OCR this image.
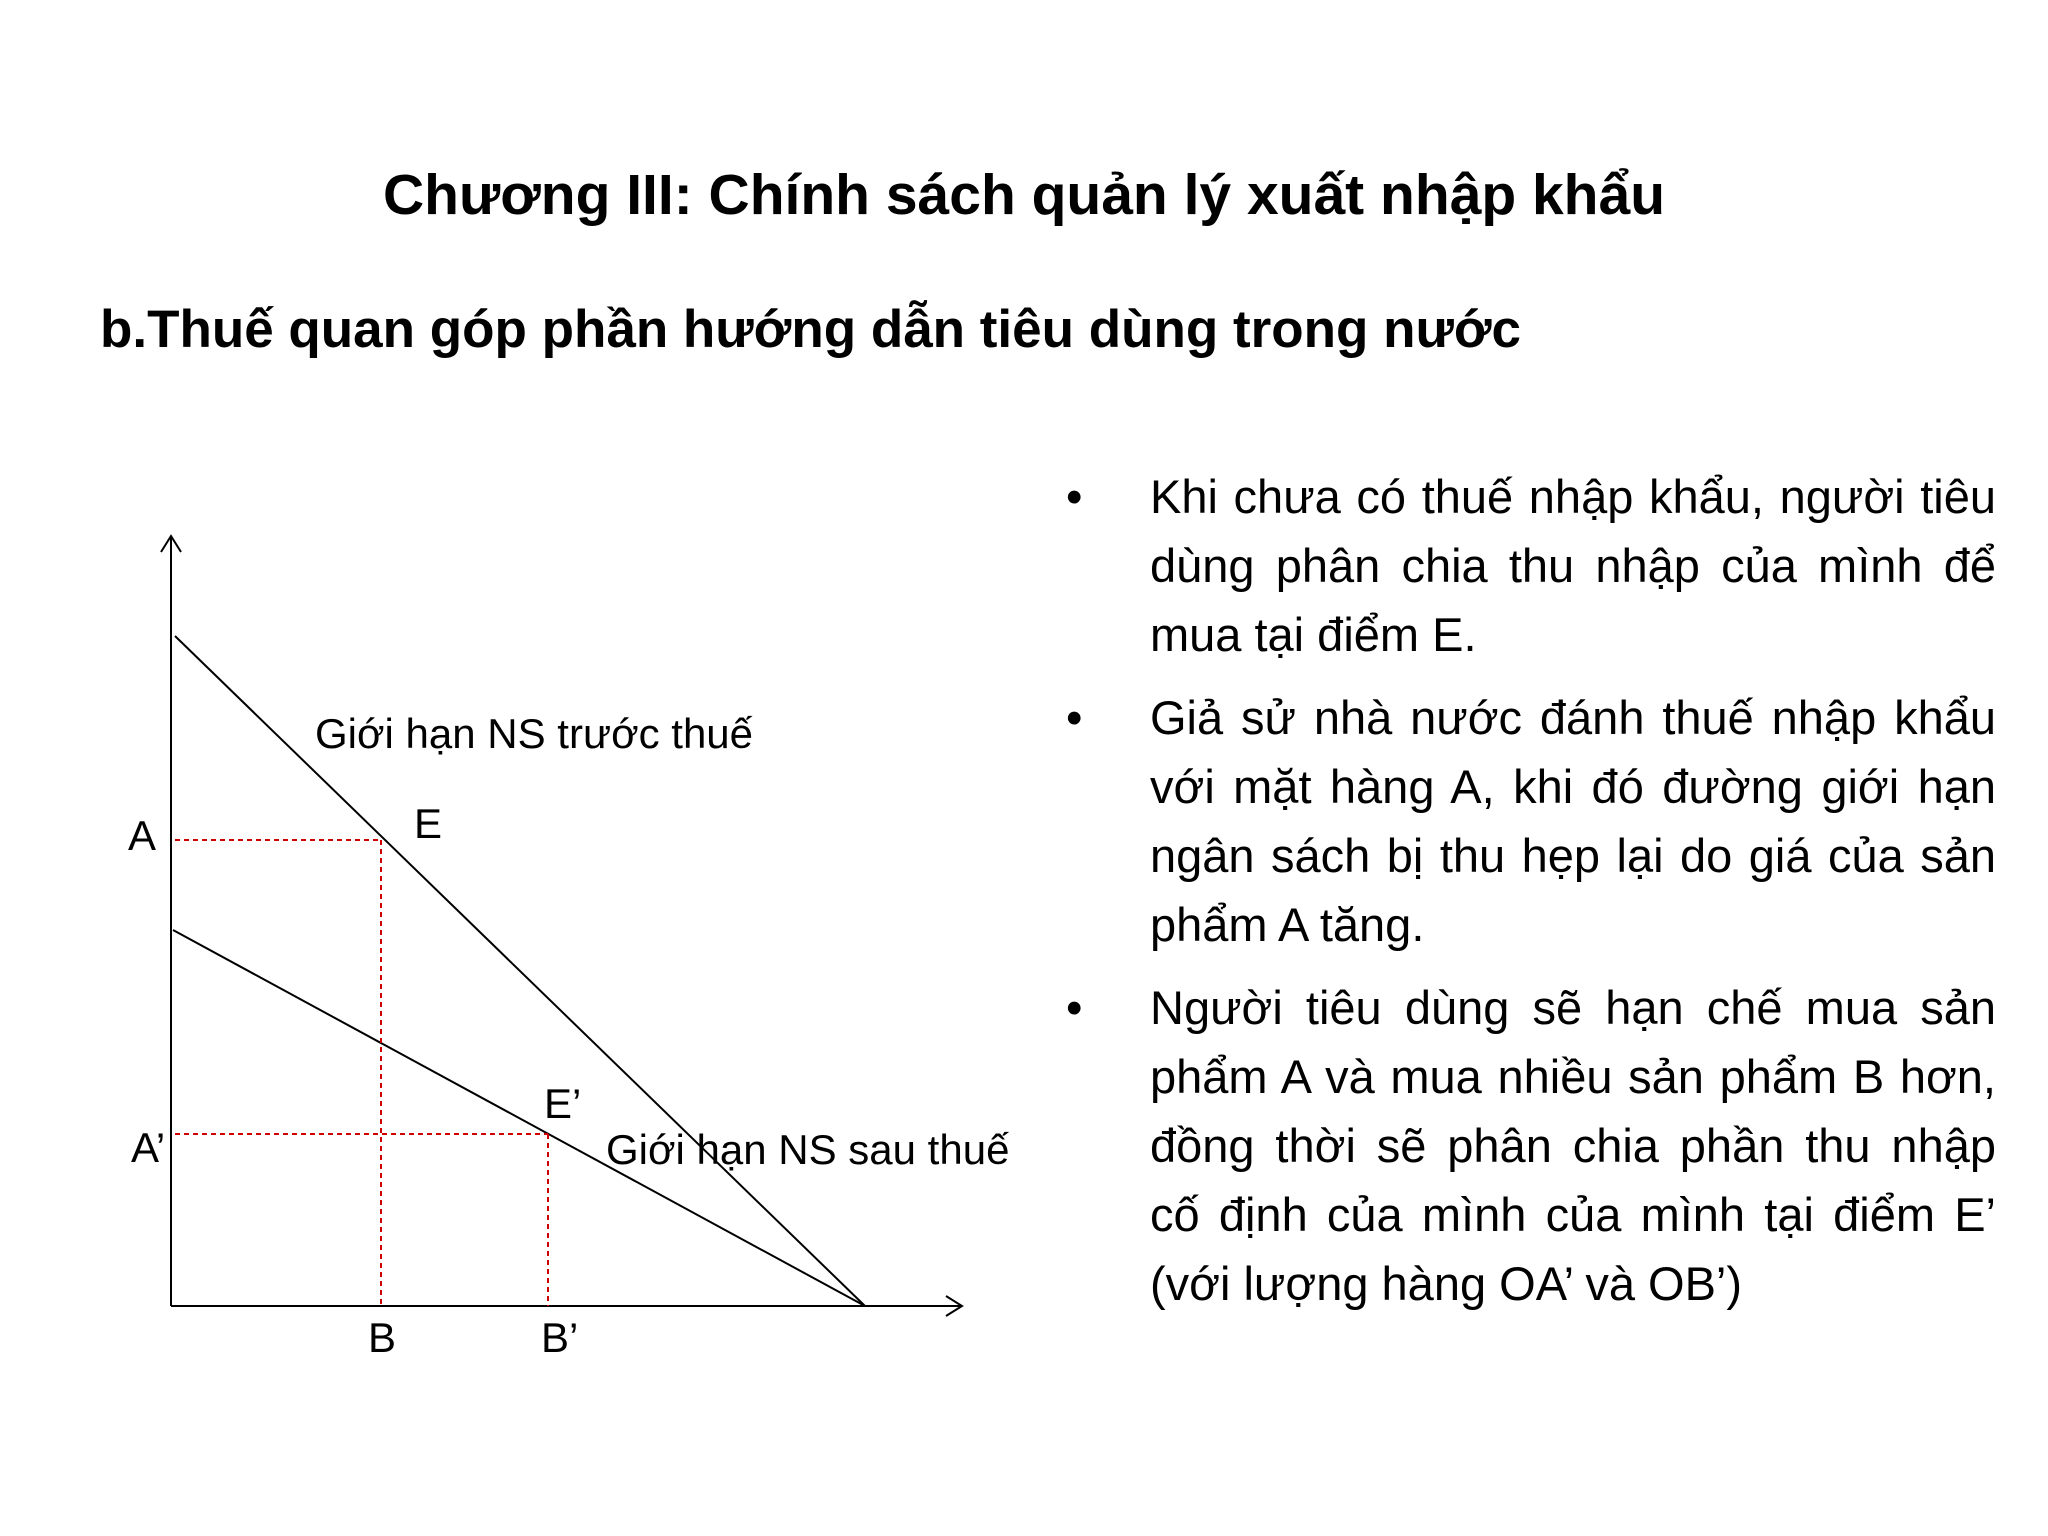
Chương III: Chính sách quản lý xuất nhập khẩu
b.Thuế quan góp phần hướng dẫn tiêu dùng trong nước
Giới hạn NS trước thuế
Giới hạn NS sau thuế
E
E’
A
A’
B	B’
• Khi chưa có thuế nhập khẩu, người tiêu dùng phân chia thu nhập của mình để mua tại điểm E.
• Giả sử nhà nước đánh thuế nhập khẩu với mặt hàng A, khi đó đường giới hạn ngân sách bị thu hẹp lại do giá của sản phẩm A tăng.
• Người tiêu dùng sẽ hạn chế mua sản phẩm A và mua nhiều sản phẩm B hơn, đồng thời sẽ phân chia phần thu nhập cố định của mình của mình tại điểm E’ (với lượng hàng OA’ và OB’)
